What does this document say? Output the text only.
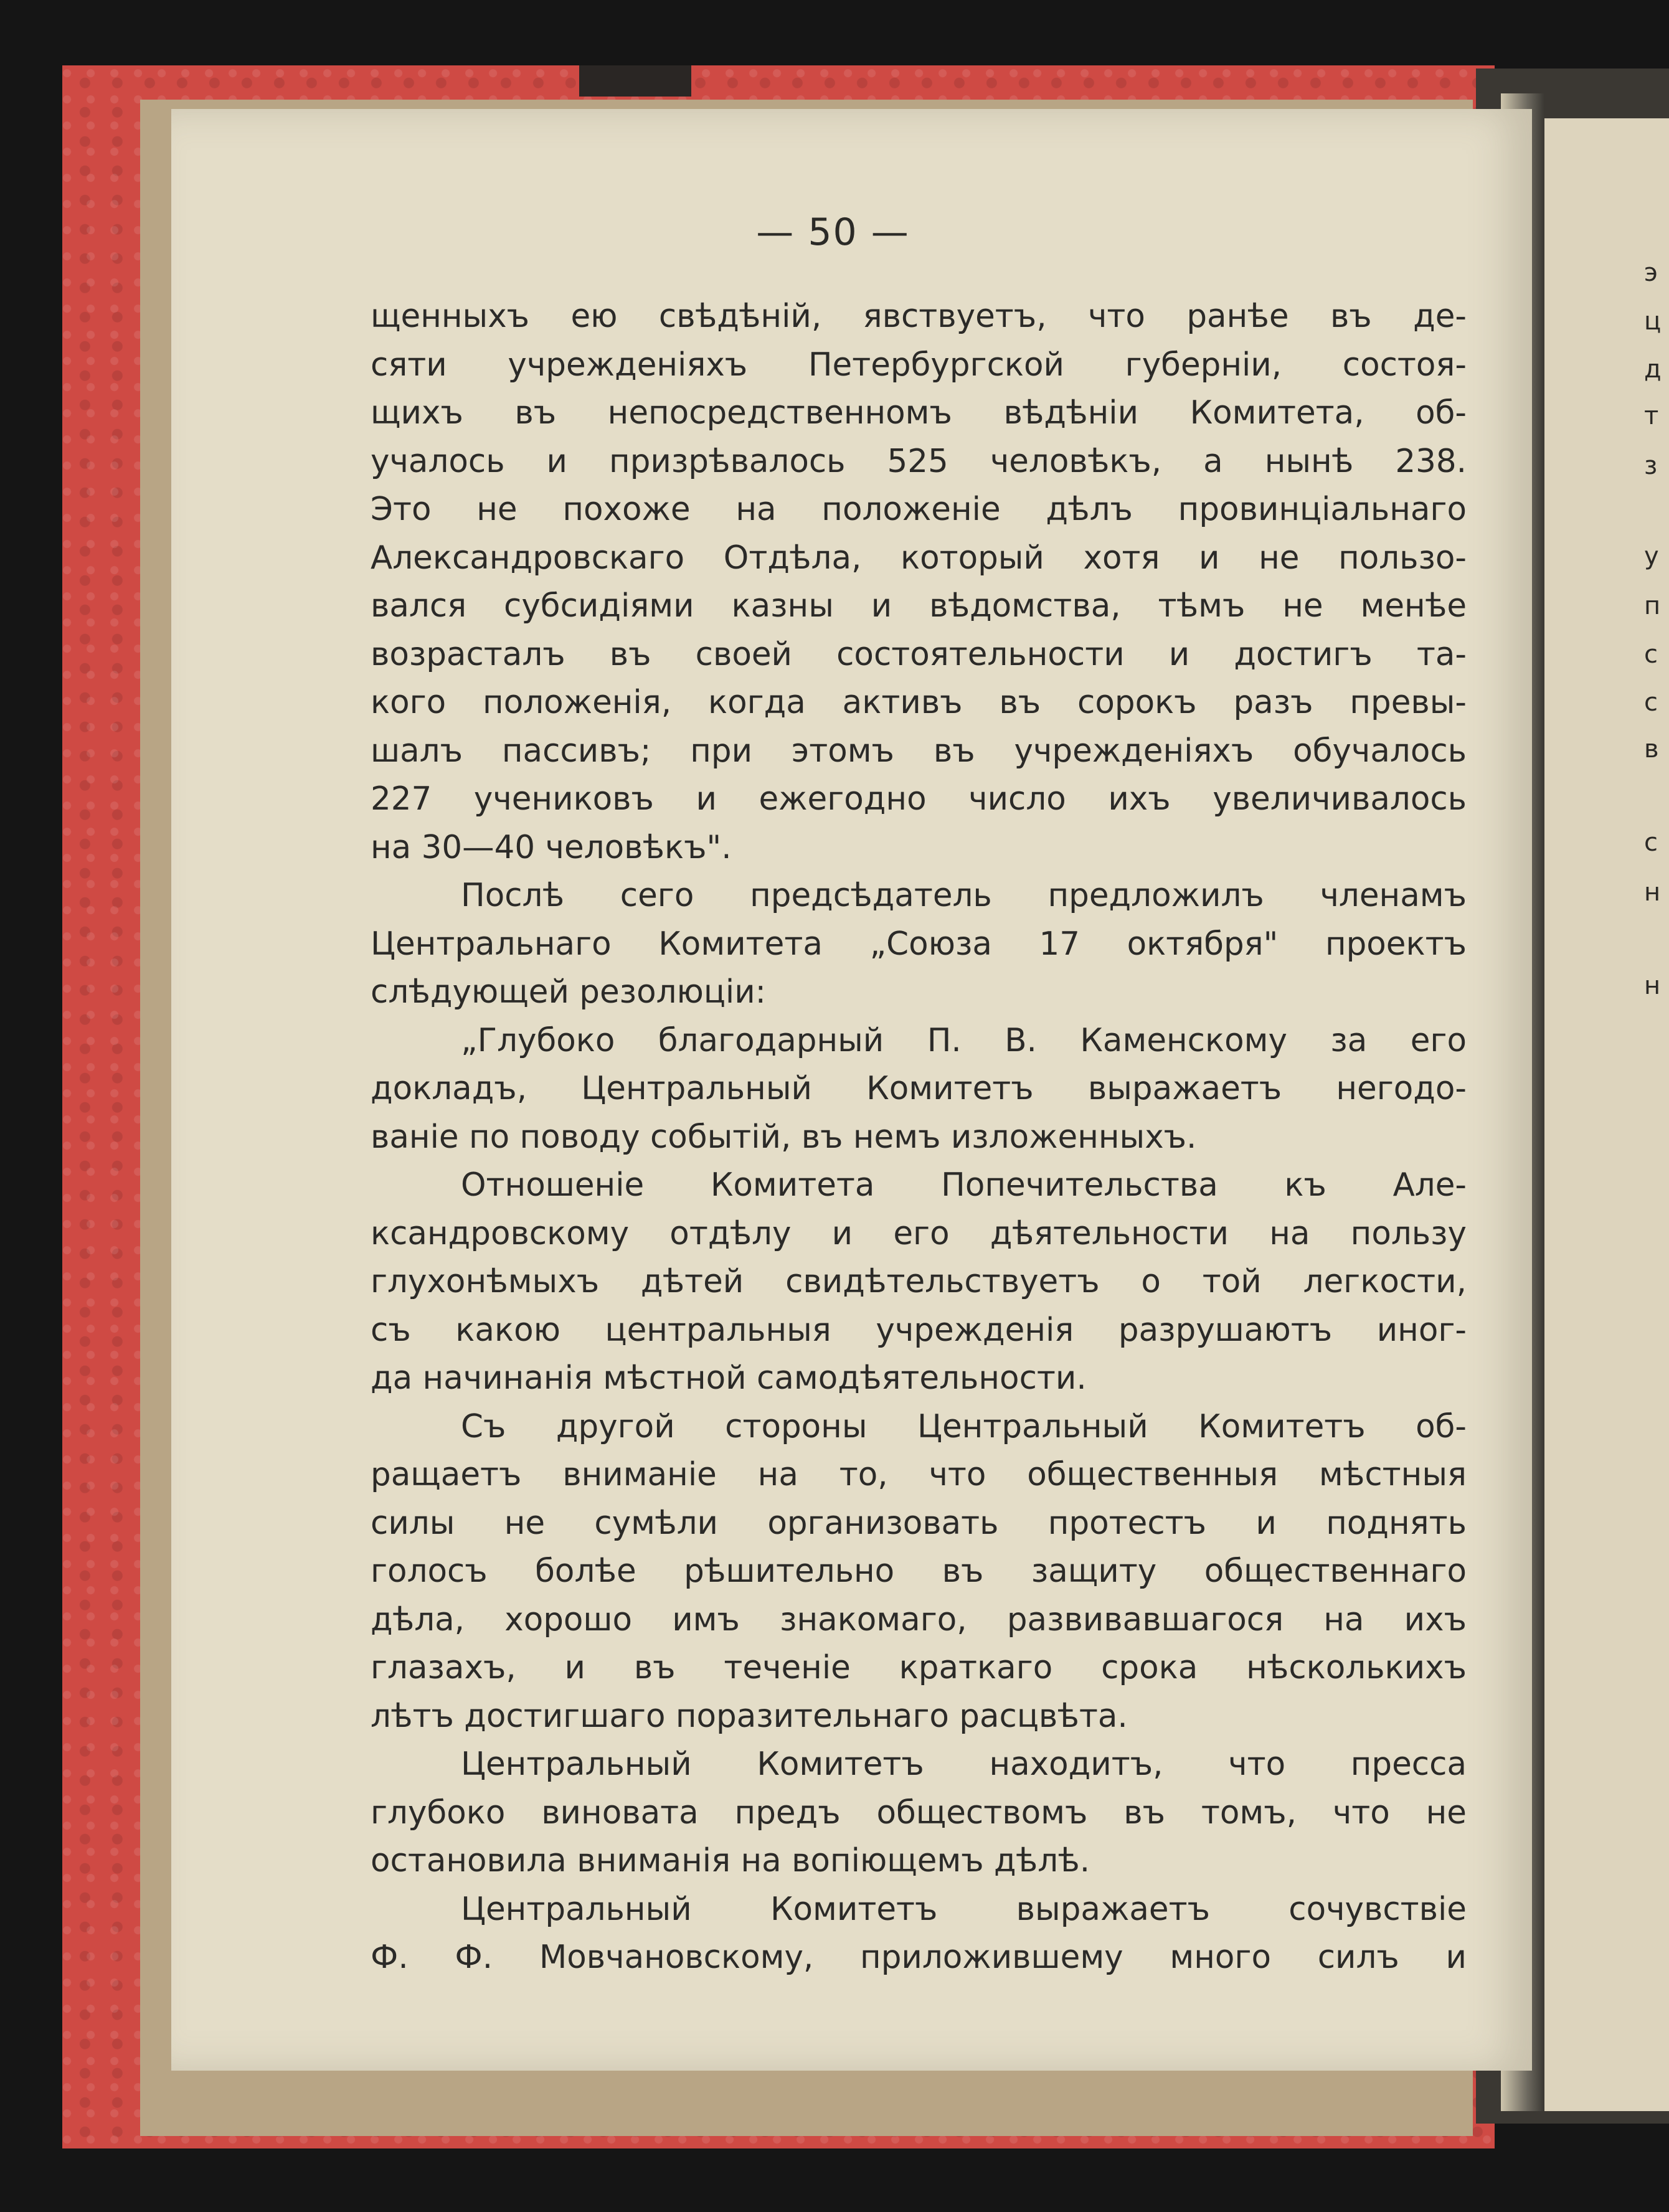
э
ц
д
т
з
у
п
с
с
в
с
н
н
— 50 —
щенныхъ ею свѣдѣній, явствуетъ, что ранѣе въ де-
сяти учрежденіяхъ Петербургской губерніи, состоя-
щихъ въ непосредственномъ вѣдѣніи Комитета, об-
учалось и призрѣвалось 525 человѣкъ, а нынѣ 238.
Это не похоже на положеніе дѣлъ провинціальнаго
Александровскаго Отдѣла, который хотя и не пользо-
вался субсидіями казны и вѣдомства, тѣмъ не менѣе
возрасталъ въ своей состоятельности и достигъ та-
кого положенія, когда активъ въ сорокъ разъ превы-
шалъ пассивъ; при этомъ въ учрежденіяхъ обучалось
227 учениковъ и ежегодно число ихъ увеличивалось
на 30—40 человѣкъ".
Послѣ сего предсѣдатель предложилъ членамъ
Центральнаго Комитета „Союза 17 октября" проектъ
слѣдующей резолюціи:
„Глубоко благодарный П. В. Каменскому за его
докладъ, Центральный Комитетъ выражаетъ негодо-
ваніе по поводу событій, въ немъ изложенныхъ.
Отношеніе Комитета Попечительства къ Але-
ксандровскому отдѣлу и его дѣятельности на пользу
глухонѣмыхъ дѣтей свидѣтельствуетъ о той легкости,
съ какою центральныя учрежденія разрушаютъ иног-
да начинанія мѣстной самодѣятельности.
Съ другой стороны Центральный Комитетъ об-
ращаетъ вниманіе на то, что общественныя мѣстныя
силы не сумѣли организовать протестъ и поднять
голосъ болѣе рѣшительно въ защиту общественнаго
дѣла, хорошо имъ знакомаго, развивавшагося на ихъ
глазахъ, и въ теченіе краткаго срока нѣсколькихъ
лѣтъ достигшаго поразительнаго расцвѣта.
Центральный Комитетъ находитъ, что пресса
глубоко виновата предъ обществомъ въ томъ, что не
остановила вниманія на вопіющемъ дѣлѣ.
Центральный Комитетъ выражаетъ сочувствіе
Ф. Ф. Мовчановскому, приложившему много силъ и
